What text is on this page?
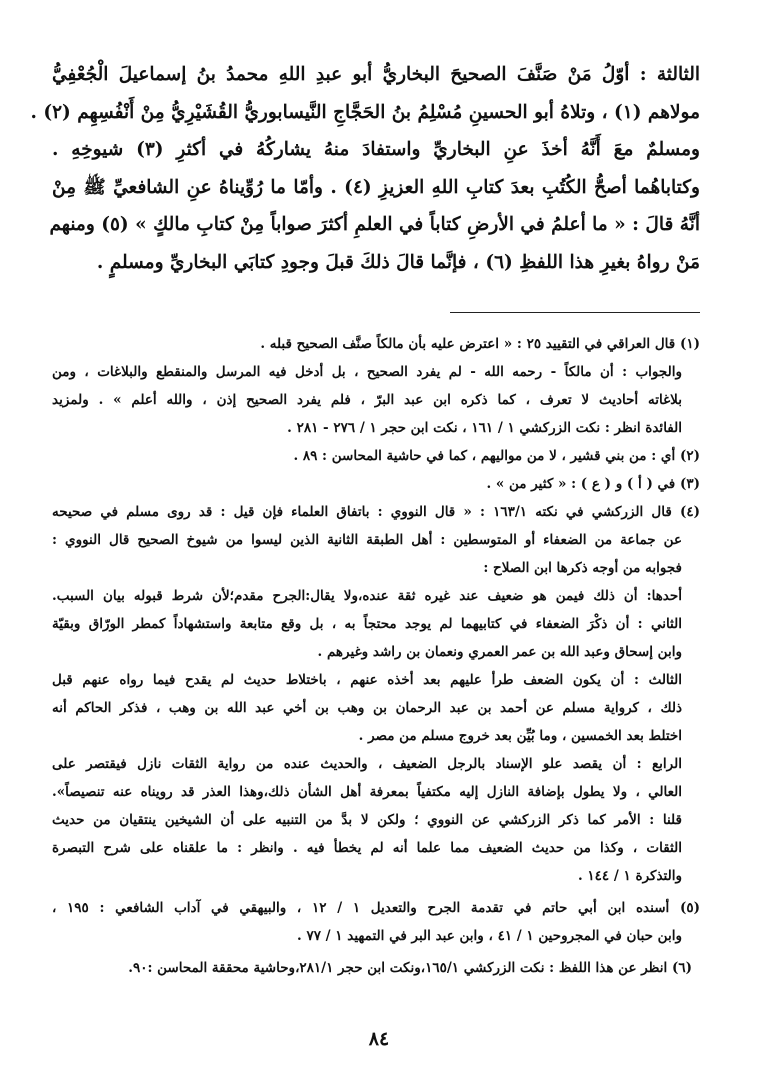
الثالثة : أوّلُ مَنْ صَنَّفَ الصحيحَ البخاريُّ أبو عبدِ اللهِ محمدُ بنُ إسماعيلَ الْجُعْفِيُّ
مولاهم (١) ، وتلاهُ أبو الحسينِ مُسْلِمُ بنُ الحَجَّاجِ النَّيسابوريُّ القُشَيْرِيُّ مِنْ أَنْفُسِهِم (٢) .
ومسلمٌ معَ أَنَّهُ أخذَ عنِ البخاريِّ واستفادَ منهُ يشاركُهُ في أكثرِ (٣) شيوخِهِ .
وكتاباهُما أصحُّ الكُتُبِ بعدَ كتابِ اللهِ العزيزِ (٤) . وأمّا ما رُوِّيناهُ عنِ الشافعيِّ ﷺ مِنْ
أنَّهُ قالَ : « ما أعلمُ في الأرضِ كتاباً في العلمِ أكثرَ صواباً مِنْ كتابِ مالكٍ » (٥) ومنهم
مَنْ رواهُ بغيرِ هذا اللفظِ (٦) ، فإنَّما قالَ ذلكَ قبلَ وجودِ كتابَي البخاريِّ ومسلمٍ .
(١) قال العراقي في التقييد ٢٥ : « اعترض عليه بأن مالكاً صنَّف الصحيح قبله .
والجواب : أن مالكاً - رحمه الله - لم يفرد الصحيح ، بل أدخل فيه المرسل والمنقطع والبلاغات ، ومن
بلاغاته أحاديث لا تعرف ، كما ذكره ابن عبد البرّ ، فلم يفرد الصحيح إذن ، والله أعلم » . ولمزيد
الفائدة انظر : نكت الزركشي ١ / ١٦١ ، نكت ابن حجر ١ / ٢٧٦ - ٢٨١ .
(٢) أي : من بني قشير ، لا من مواليهم ، كما في حاشية المحاسن : ٨٩ .
(٣) في ( أ ) و ( ع ) : « كثير من » .
(٤) قال الزركشي في نكته ١٦٣/١ : « قال النووي : باتفاق العلماء فإن قيل : قد روى مسلم في صحيحه
عن جماعة من الضعفاء أو المتوسطين : أهل الطبقة الثانية الذين ليسوا من شيوخ الصحيح قال النووي :
فجوابه من أوجه ذكرها ابن الصلاح :
أحدها: أن ذلك فيمن هو ضعيف عند غيره ثقة عنده،ولا يقال:الجرح مقدم؛لأن شرط قبوله بيان السبب.
الثاني : أن ذكْرَ الضعفاء في كتابيهما لم يوجد محتجاً به ، بل وقع متابعة واستشهاداً كمطر الورّاق وبقيّة
وابن إسحاق وعبد الله بن عمر العمري ونعمان بن راشد وغيرهم .
الثالث : أن يكون الضعف طرأ عليهم بعد أخذه عنهم ، باختلاط حديث لم يقدح فيما رواه عنهم قبل
ذلك ، كرواية مسلم عن أحمد بن عبد الرحمان بن وهب بن أخي عبد الله بن وهب ، فذكر الحاكم أنه
اختلط بعد الخمسين ، وما بُيِّن بعد خروج مسلم من مصر .
الرابع : أن يقصد علو الإسناد بالرجل الضعيف ، والحديث عنده من رواية الثقات نازل فيقتصر على
العالي ، ولا يطول بإضافة النازل إليه مكتفياً بمعرفة أهل الشأن ذلك،وهذا العذر قد رويناه عنه تنصيصاً».
قلنا : الأمر كما ذكر الزركشي عن النووي ؛ ولكن لا بدَّ من التنبيه على أن الشيخين ينتقيان من حديث
الثقات ، وكذا من حديث الضعيف مما علما أنه لم يخطأ فيه . وانظر : ما علقناه على شرح التبصرة
والتذكرة ١ / ١٤٤ .
(٥) أسنده ابن أبي حاتم في تقدمة الجرح والتعديل ١ / ١٢ ، والبيهقي في آداب الشافعي : ١٩٥ ،
وابن حبان في المجروحين ١ / ٤١ ، وابن عبد البر في التمهيد ١ / ٧٧ .
(٦) انظر عن هذا اللفظ : نكت الزركشي ١٦٥/١،ونكت ابن حجر ٢٨١/١،وحاشية محققة المحاسن :٩٠.
٨٤
